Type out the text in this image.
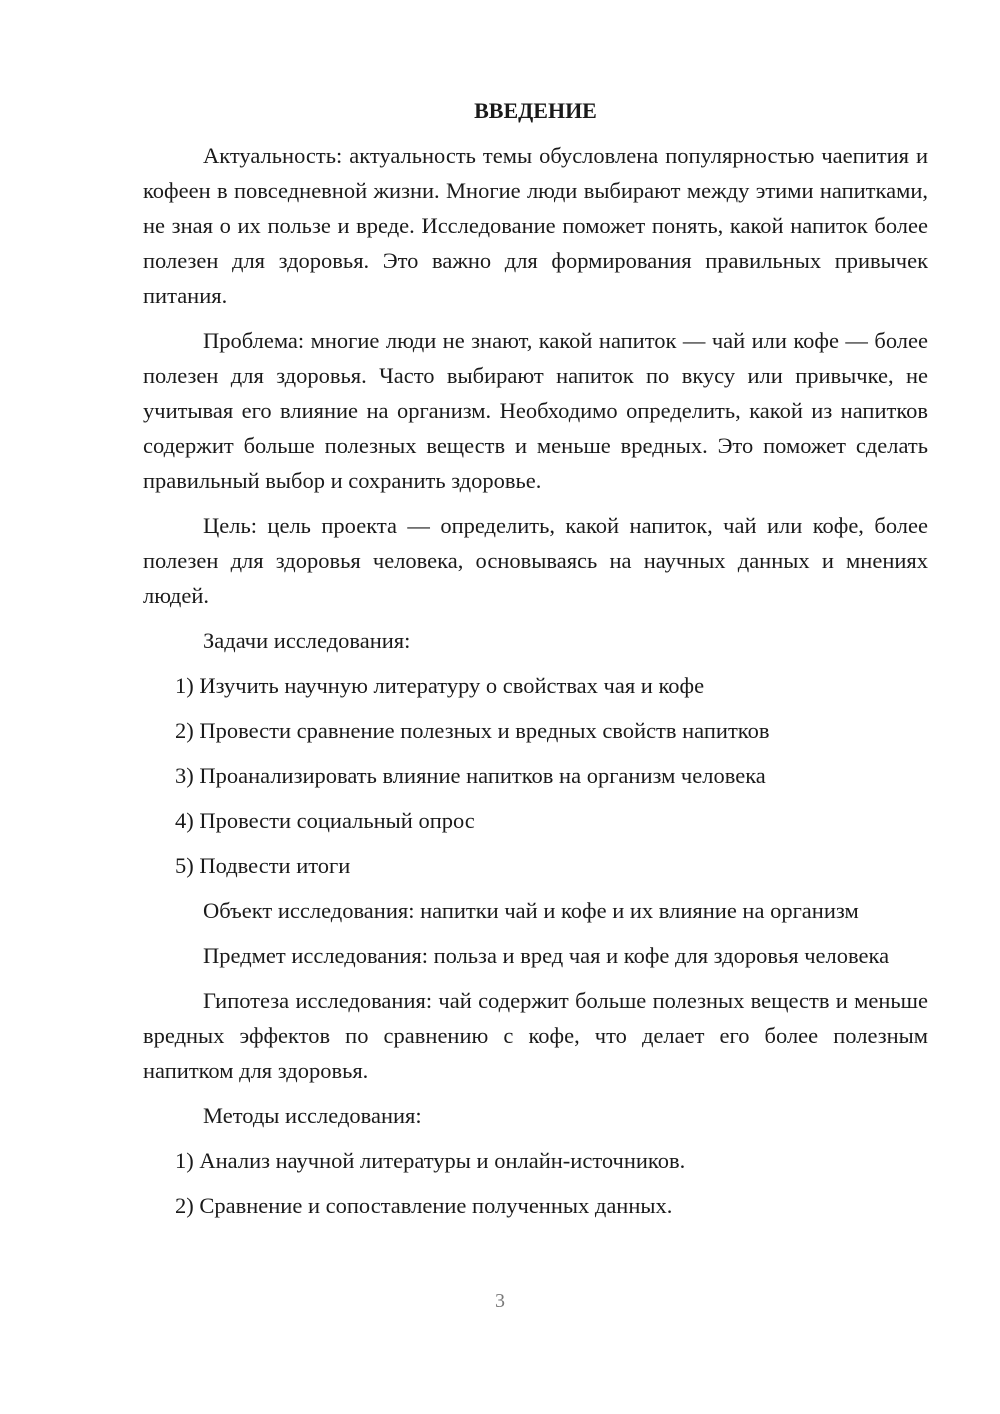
ВВЕДЕНИЕ

Актуальность: актуальность темы обусловлена популярностью чаепития и кофеен в повседневной жизни. Многие люди выбирают между этими напитками, не зная о их пользе и вреде. Исследование поможет понять, какой напиток более полезен для здоровья. Это важно для формирования правильных привычек питания.

Проблема: многие люди не знают, какой напиток — чай или кофе — более полезен для здоровья. Часто выбирают напиток по вкусу или привычке, не учитывая его влияние на организм. Необходимо определить, какой из напитков содержит больше полезных веществ и меньше вредных. Это поможет сделать правильный выбор и сохранить здоровье.

Цель: цель проекта — определить, какой напиток, чай или кофе, более полезен для здоровья человека, основываясь на научных данных и мнениях людей.

Задачи исследования:

1) Изучить научную литературу о свойствах чая и кофе

2) Провести сравнение полезных и вредных свойств напитков

3) Проанализировать влияние напитков на организм человека

4) Провести социальный опрос

5) Подвести итоги

Объект исследования: напитки чай и кофе и их влияние на организм

Предмет исследования: польза и вред чая и кофе для здоровья человека

Гипотеза исследования: чай содержит больше полезных веществ и меньше вредных эффектов по сравнению с кофе, что делает его более полезным напитком для здоровья.

Методы исследования:

1) Анализ научной литературы и онлайн-источников.

2) Сравнение и сопоставление полученных данных.

3
